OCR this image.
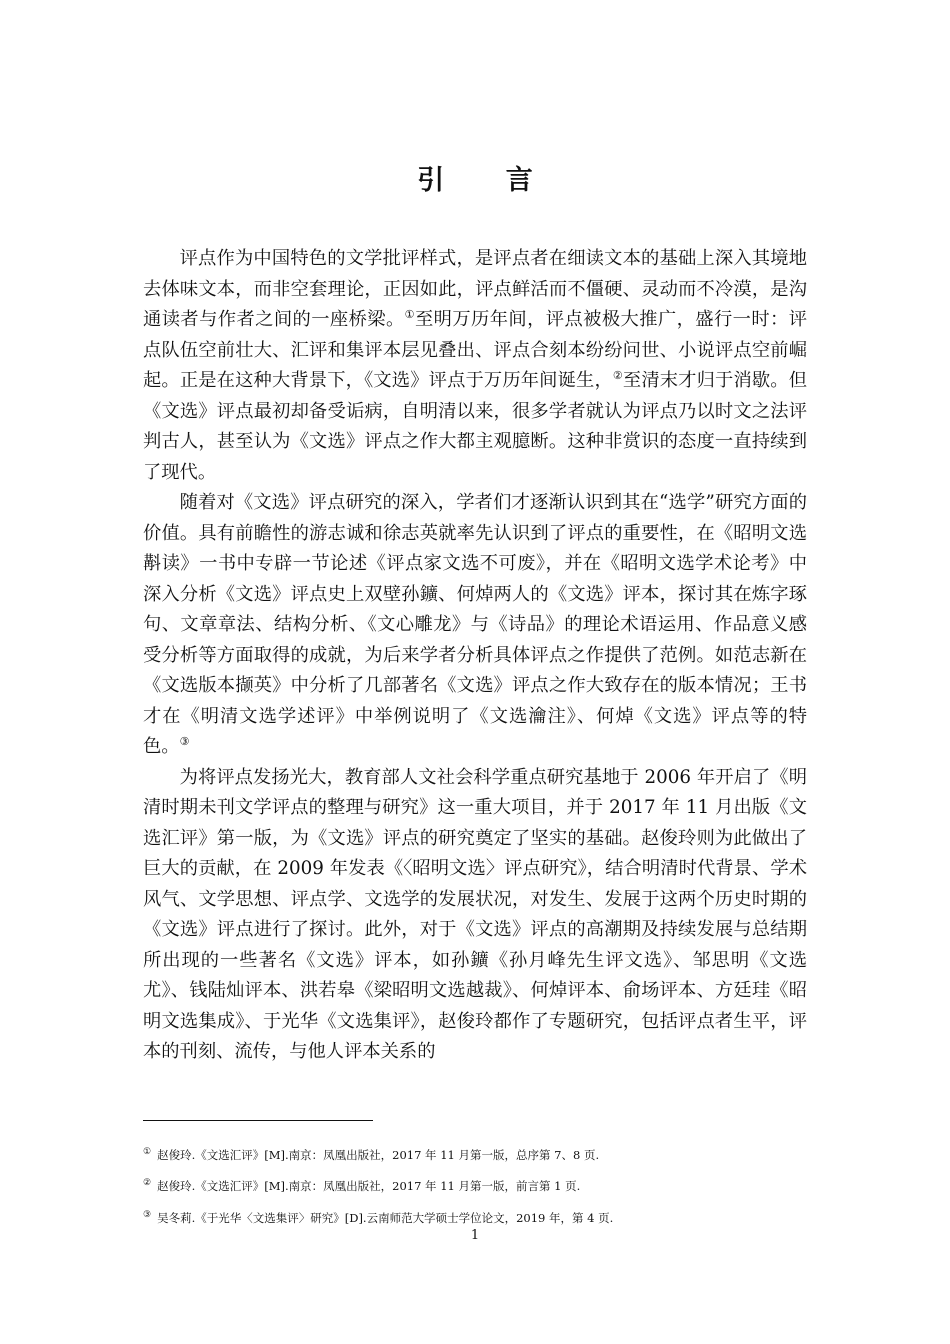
引 言

评点作为中国特色的文学批评样式，是评点者在细读文本的基础上深入其境地去体味文本，而非空套理论，正因如此，评点鲜活而不僵硬、灵动而不冷漠，是沟通读者与作者之间的一座桥梁。①至明万历年间，评点被极大推广，盛行一时：评点队伍空前壮大、汇评和集评本层见叠出、评点合刻本纷纷问世、小说评点空前崛起。正是在这种大背景下，《文选》评点于万历年间诞生，②至清末才归于消歇。但《文选》评点最初却备受诟病，自明清以来，很多学者就认为评点乃以时文之法评判古人，甚至认为《文选》评点之作大都主观臆断。这种非赏识的态度一直持续到了现代。

随着对《文选》评点研究的深入，学者们才逐渐认识到其在“选学”研究方面的价值。具有前瞻性的游志诚和徐志英就率先认识到了评点的重要性，在《昭明文选斠读》一书中专辟一节论述《评点家文选不可废》，并在《昭明文选学术论考》中深入分析《文选》评点史上双壁孙鑛、何焯两人的《文选》评本，探讨其在炼字琢句、文章章法、结构分析、《文心雕龙》与《诗品》的理论术语运用、作品意义感受分析等方面取得的成就，为后来学者分析具体评点之作提供了范例。如范志新在《文选版本撷英》中分析了几部著名《文选》评点之作大致存在的版本情况；王书才在《明清文选学述评》中举例说明了《文选瀹注》、何焯《文选》评点等的特色。③

为将评点发扬光大，教育部人文社会科学重点研究基地于 2006 年开启了《明清时期未刊文学评点的整理与研究》这一重大项目，并于 2017 年 11 月出版《文选汇评》第一版，为《文选》评点的研究奠定了坚实的基础。赵俊玲则为此做出了巨大的贡献，在 2009 年发表《〈昭明文选〉评点研究》，结合明清时代背景、学术风气、文学思想、评点学、文选学的发展状况，对发生、发展于这两个历史时期的《文选》评点进行了探讨。此外，对于《文选》评点的高潮期及持续发展与总结期所出现的一些著名《文选》评本，如孙鑛《孙月峰先生评文选》、邹思明《文选尤》、钱陆灿评本、洪若皋《梁昭明文选越裁》、何焯评本、俞场评本、方廷珪《昭明文选集成》、于光华《文选集评》，赵俊玲都作了专题研究，包括评点者生平，评本的刊刻、流传，与他人评本关系的

① 赵俊玲.《文选汇评》[M].南京：凤凰出版社，2017 年 11 月第一版，总序第 7、8 页.
② 赵俊玲.《文选汇评》[M].南京：凤凰出版社，2017 年 11 月第一版，前言第 1 页.
③ 吴冬莉.《于光华〈文选集评〉研究》[D].云南师范大学硕士学位论文，2019 年，第 4 页.
1
